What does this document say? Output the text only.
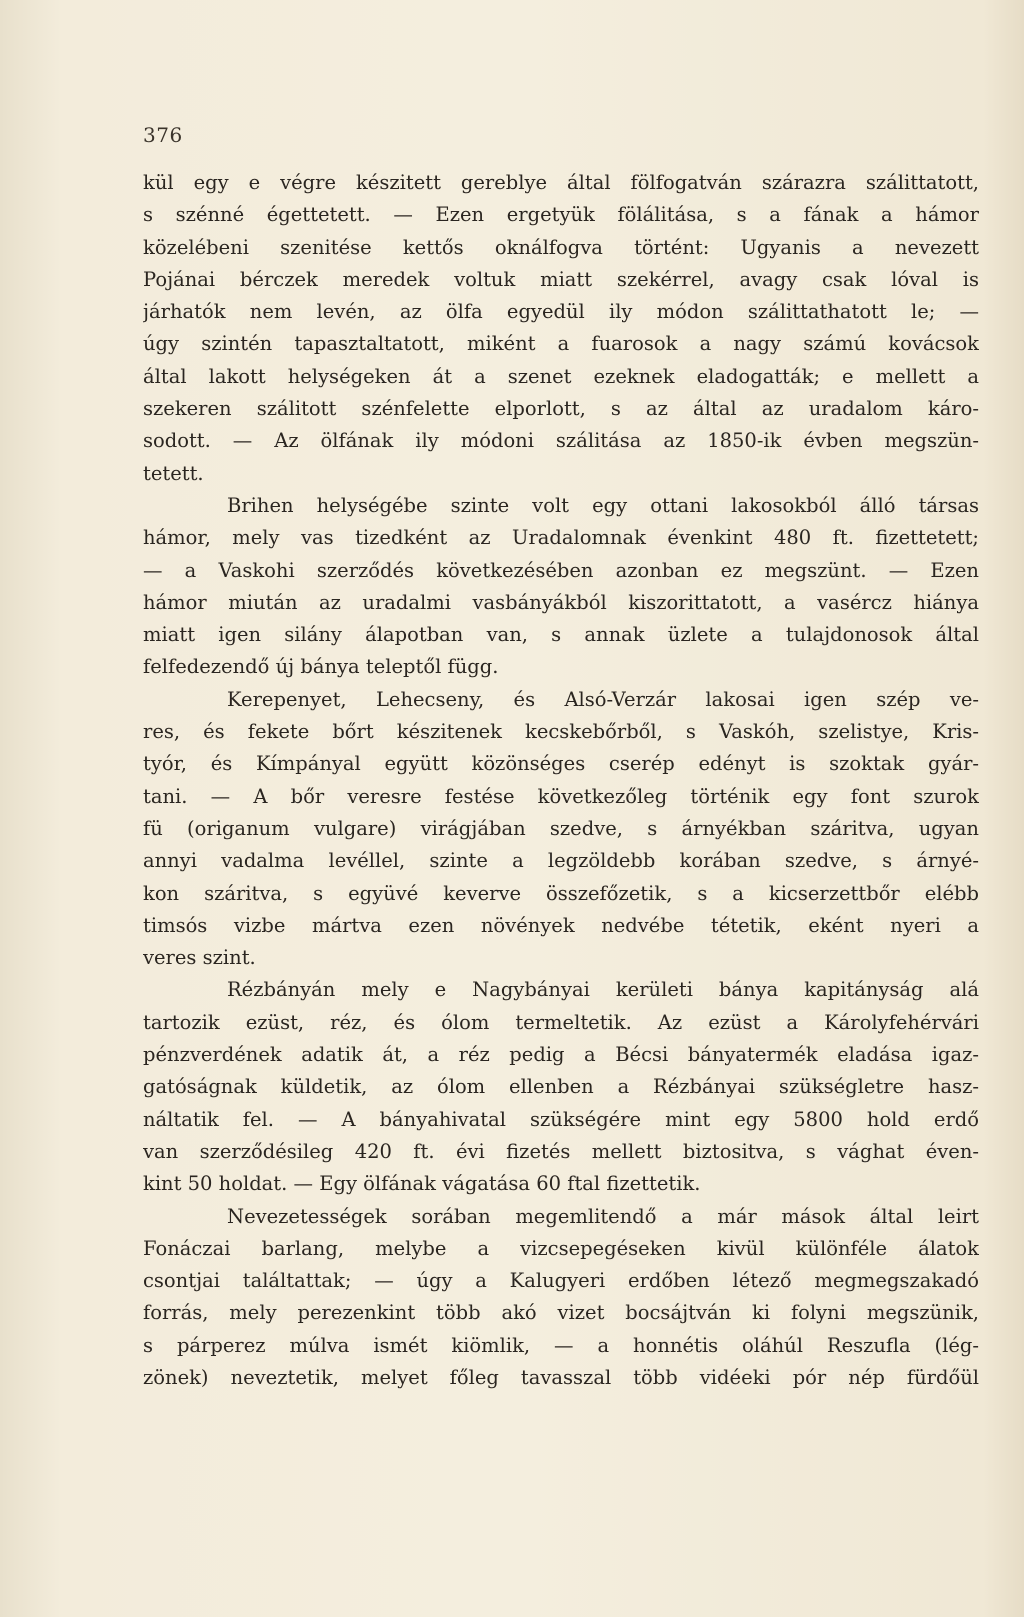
376
kül egy e végre készitett gereblye által fölfogatván szárazra szálittatott,
s szénné égettetett. — Ezen ergetyük fölálitása, s a fának a hámor
közelébeni szenitése kettős oknálfogva történt: Ugyanis a nevezett
Pojánai bérczek meredek voltuk miatt szekérrel, avagy csak lóval is
járhatók nem levén, az ölfa egyedül ily módon szálittathatott le; —
úgy szintén tapasztaltatott, miként a fuarosok a nagy számú kovácsok
által lakott helységeken át a szenet ezeknek eladogatták; e mellett a
szekeren szálitott szénfelette elporlott, s az által az uradalom káro-
sodott. — Az ölfának ily módoni szálitása az 1850-ik évben megszün-
tetett.
Brihen helységébe szinte volt egy ottani lakosokból álló társas
hámor, mely vas tizedként az Uradalomnak évenkint 480 ft. fizettetett;
— a Vaskohi szerződés következésében azonban ez megszünt. — Ezen
hámor miután az uradalmi vasbányákból kiszorittatott, a vasércz hiánya
miatt igen silány álapotban van, s annak üzlete a tulajdonosok által
felfedezendő új bánya teleptől függ.
Kerepenyet, Lehecseny, és Alsó-Verzár lakosai igen szép ve-
res, és fekete bőrt készitenek kecskebőrből, s Vaskóh, szelistye, Kris-
tyór, és Kímpányal együtt közönséges cserép edényt is szoktak gyár-
tani. — A bőr veresre festése következőleg történik egy font szurok
fü (origanum vulgare) virágjában szedve, s árnyékban száritva, ugyan
annyi vadalma levéllel, szinte a legzöldebb korában szedve, s árnyé-
kon száritva, s együvé keverve összefőzetik, s a kicserzettbőr elébb
timsós vizbe mártva ezen növények nedvébe tétetik, eként nyeri a
veres szint.
Rézbányán mely e Nagybányai kerületi bánya kapitányság alá
tartozik ezüst, réz, és ólom termeltetik. Az ezüst a Károlyfehérvári
pénzverdének adatik át, a réz pedig a Bécsi bányatermék eladása igaz-
gatóságnak küldetik, az ólom ellenben a Rézbányai szükségletre hasz-
náltatik fel. — A bányahivatal szükségére mint egy 5800 hold erdő
van szerződésileg 420 ft. évi fizetés mellett biztositva, s vághat éven-
kint 50 holdat. — Egy ölfának vágatása 60 ftal fizettetik.
Nevezetességek sorában megemlitendő a már mások által leirt
Fonáczai barlang, melybe a vizcsepegéseken kivül különféle álatok
csontjai találtattak; — úgy a Kalugyeri erdőben létező megmegszakadó
forrás, mely perezenkint több akó vizet bocsájtván ki folyni megszünik,
s párperez múlva ismét kiömlik, — a honnétis oláhúl Reszufla (lég-
zönek) neveztetik, melyet főleg tavasszal több vidéeki pór nép fürdőül
